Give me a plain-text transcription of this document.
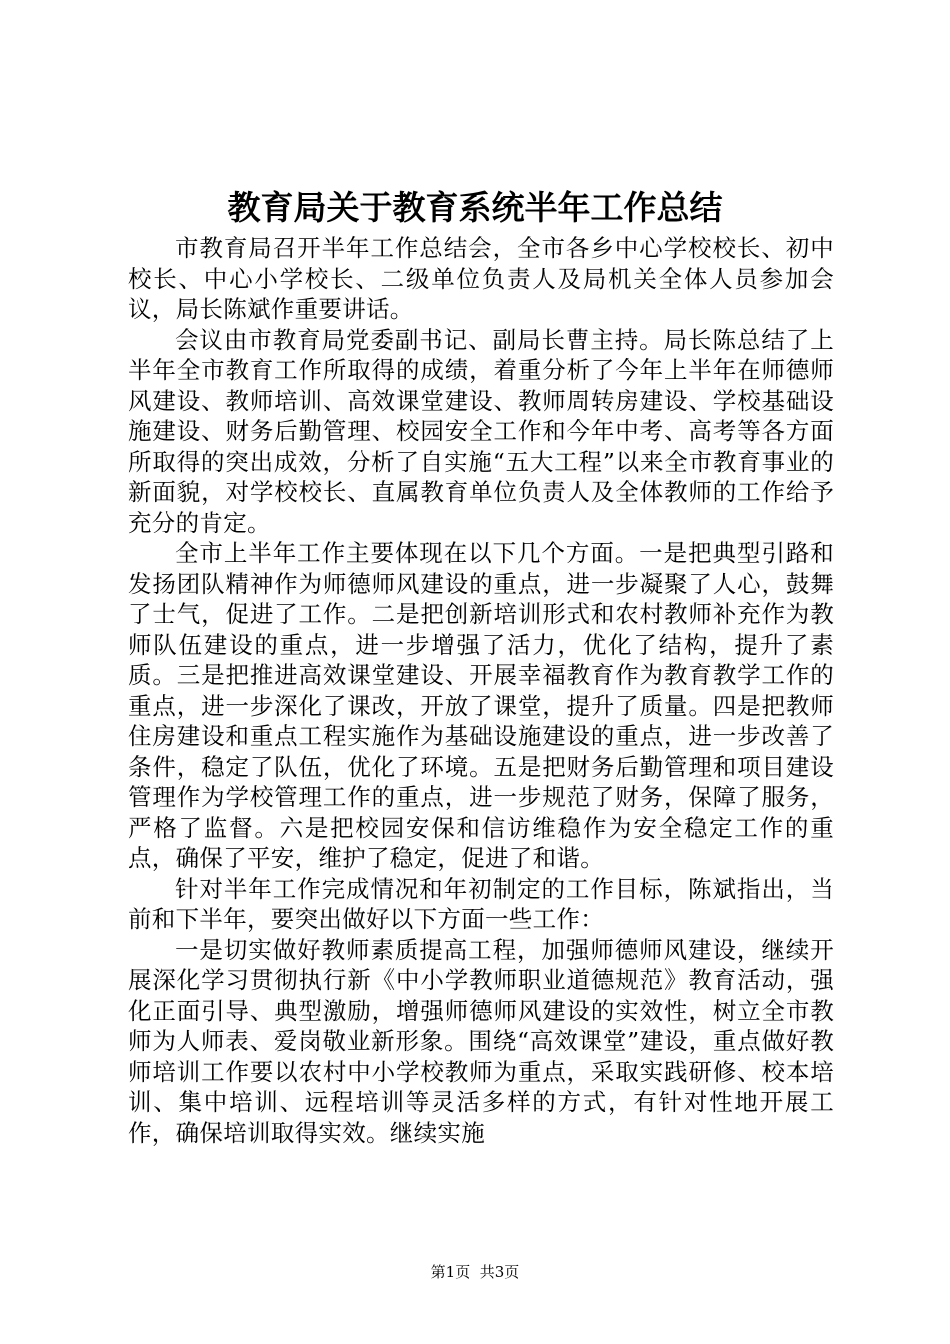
教育局关于教育系统半年工作总结

市教育局召开半年工作总结会，全市各乡中心学校校长、初中校长、中心小学校长、二级单位负责人及局机关全体人员参加会议，局长陈斌作重要讲话。

会议由市教育局党委副书记、副局长曹主持。局长陈总结了上半年全市教育工作所取得的成绩，着重分析了今年上半年在师德师风建设、教师培训、高效课堂建设、教师周转房建设、学校基础设施建设、财务后勤管理、校园安全工作和今年中考、高考等各方面所取得的突出成效，分析了自实施“五大工程”以来全市教育事业的新面貌，对学校校长、直属教育单位负责人及全体教师的工作给予充分的肯定。

全市上半年工作主要体现在以下几个方面。一是把典型引路和发扬团队精神作为师德师风建设的重点，进一步凝聚了人心，鼓舞了士气，促进了工作。二是把创新培训形式和农村教师补充作为教师队伍建设的重点，进一步增强了活力，优化了结构，提升了素质。三是把推进高效课堂建设、开展幸福教育作为教育教学工作的重点，进一步深化了课改，开放了课堂，提升了质量。四是把教师住房建设和重点工程实施作为基础设施建设的重点，进一步改善了条件，稳定了队伍，优化了环境。五是把财务后勤管理和项目建设管理作为学校管理工作的重点，进一步规范了财务，保障了服务，严格了监督。六是把校园安保和信访维稳作为安全稳定工作的重点，确保了平安，维护了稳定，促进了和谐。

针对半年工作完成情况和年初制定的工作目标，陈斌指出，当前和下半年，要突出做好以下方面一些工作：

一是切实做好教师素质提高工程，加强师德师风建设，继续开展深化学习贯彻执行新《中小学教师职业道德规范》教育活动，强化正面引导、典型激励，增强师德师风建设的实效性，树立全市教师为人师表、爱岗敬业新形象。围绕“高效课堂”建设，重点做好教师培训工作要以农村中小学校教师为重点，采取实践研修、校本培训、集中培训、远程培训等灵活多样的方式，有针对性地开展工作，确保培训取得实效。继续实施

第1页 共3页
